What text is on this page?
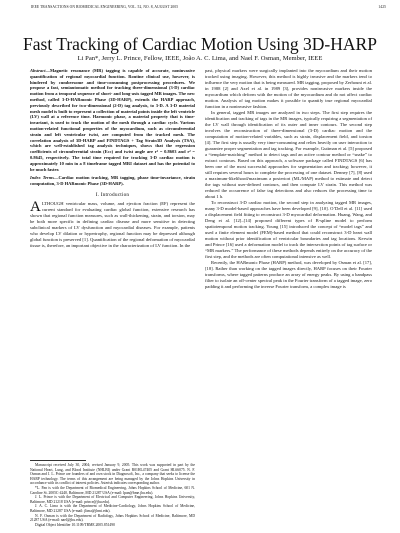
IEEE TRANSACTIONS ON BIOMEDICAL ENGINEERING, VOL. 52, NO. 8, AUGUST 2005	1425
Fast Tracking of Cardiac Motion Using 3D-HARP
Li Pan*, Jerry L. Prince, Fellow, IEEE, João A. C. Lima, and Nael F. Osman, Member, IEEE

Abstract—Magnetic resonance (MR) tagging is capable of accurate, noninvasive quantification of regional myocardial function. Routine clinical use, however, is hindered by cumbersome and time-consuming postprocessing procedures. We propose a fast, semiautomatic method for tracking three-dimensional (3-D) cardiac motion from a temporal sequence of short- and long-axis tagged MR images. The new method, called 3-D-HARmonic Phase (3D-HARP), extends the HARP approach, previously described for two-dimensional (2-D) tag analysis, to 3-D. A 3-D material mesh model is built to represent a collection of material points inside the left ventricle (LV) wall at a reference time. Harmonic phase, a material property that is time-invariant, is used to track the motion of the mesh through a cardiac cycle. Various motion-related functional properties of the myocardium, such as circumferential strain and left ventricular twist, are computed from the tracked mesh. The correlation analysis of 3D-HARP and FINDTAGS + Tag Strain3D Analysis (TSA), which are well-established tag analysis techniques, shows that the regression coefficients of circumferential strain (Ecc) and twist angle are r² = 0.8603 and r² = 0.8645, respectively. The total time required for tracking 3-D cardiac motion is approximately 10 min in a 8 timeframe tagged MRI dataset and has the potential to be much faster.

Index Terms—Cardiac motion tracking, MR tagging, phase time-invariance, strain computation, 3-D HARmonic Phase (3D-HARP).

I. Introduction

ALTHOUGH ventricular mass, volume, and ejection fraction (EF) represent the current standard for evaluating cardiac global function, extensive research has shown that regional function measures, such as wall-thickening, strain, and torsion, may be both more specific in defining cardiac disease and more sensitive in detecting subclinical markers of LV dysfunction and myocardial diseases. For example, patients who develop LV dilation or hypertrophy, regional function may be depressed although global function is preserved [1]. Quantification of the regional deformation of myocardial tissue is, therefore, an important objective in the characterization of LV function. In the

Manuscript received July 30, 2004; revised January 9, 2005. This work was supported in part by the National Heart, Lung, and Blood Institute (NHLBI) under Grant R01HL47405 and Grant HL66075. N. F. Osman and J. L. Prince are founders of and own stock in Diagnosoft, Inc., a company that seeks to license the HARP technology. The terms of this arrangement are being managed by the Johns Hopkins University in accordance with its conflict of interest policies. Asterisk indicates corresponding author.

*L. Pan is with the Department of Biomedical Engineering, Johns Hopkins School of Medicine, 601 N. Caroline St. 2005C-4240, Baltimore, MD 21287 USA (e-mail: lpan@bme.jhu.edu).

J. L. Prince is with the Department of Electrical and Computer Engineering, Johns Hopkins University, Baltimore, MD 21218 USA (e-mail: prince@jhu.edu).

J. A. C. Lima is with the Department of Medicine-Cardiology, Johns Hopkins School of Medicine, Baltimore, MD 21287 USA (e-mail: jlima@jhmi.edu).

N. F. Osman is with the Department of Radiology, Johns Hopkins School of Medicine, Baltimore, MD 21287 USA (e-mail: nael@jhu.edu).

Digital Object Identifier 10.1109/TBME.2005.851490

past, physical markers were surgically implanted into the myocardium and their motion tracked using imaging. However, this method is highly invasive and the markers tend to influence the very motion that is being measured. MR tagging, proposed by Zerhouni et al. in 1988 [2] and Axel et al. in 1989 [3], provides noninvasive markers inside the myocardium which deform with the motion of the myocardium and do not affect cardiac motion. Analysis of tag motion makes it possible to quantify true regional myocardial function in a noninvasive fashion.

In general, tagged MR images are analyzed in two steps. The first step requires the identification and tracking of tags in the MR images, typically requiring a segmentation of the LV wall through identification of its outer and inner contours. The second step involves the reconstruction of three-dimensional (3-D) cardiac motion and the computation of motion-related variables, such as strain, displacement field, and torsion [4]. The first step is usually very time-consuming and relies heavily on user interaction to guarantee proper segmentation and tag tracking. For example, Guttman et al. [5] proposed a “template-matching” method to detect tags and an active contour method or “snake” to extract contours. Based on this approach, a software package called FINDTAGS [6] has been one of the most successful approaches for segmentation and tracking; however, it still requires several hours to complete the processing of one dataset. Denney [7], [8] used a maximum-likelihood/maximum a posteriori (ML/MAP) method to estimate and detect the tags without user-defined contours, and then compute LV strain. This method was reduced the occurrence of false tag detections and also reduces the processing time to about 1 h.

To reconstruct 3-D cardiac motion, the second step in analyzing tagged MR images, many 3-D model-based approaches have been developed [9], [10]. O’Dell et al. [11] used a displacement field fitting to reconstruct 3-D myocardial deformation. Huang, Wang, and Deng et al. [12]–[14] proposed different types of B-spline model to perform spatiotemporal motion tracking. Young [15] introduced the concept of “model tags” and used a finite element model (FEM)-based method that could reconstruct 3-D heart wall motion without prior identification of ventricular boundaries and tag locations. Kerwin and Prince [16] used a deformation model to track the intersection points of tag surface or “MR markers.” The performance of these methods depends entirely on the accuracy of the first step, and the methods are often computational intensive as well.

Recently, the HARmonic Phase (HARP) method, was developed by Osman et al. [17], [18]. Rather than working on the tagged images directly, HARP focuses on their Fourier transforms, where tagged patterns produce an array of energy peaks. By using a bandpass filter to isolate an off-center spectral peak in the Fourier transform of a tagged image, zero padding it and performing the inverse Fourier transform, a complex image is
